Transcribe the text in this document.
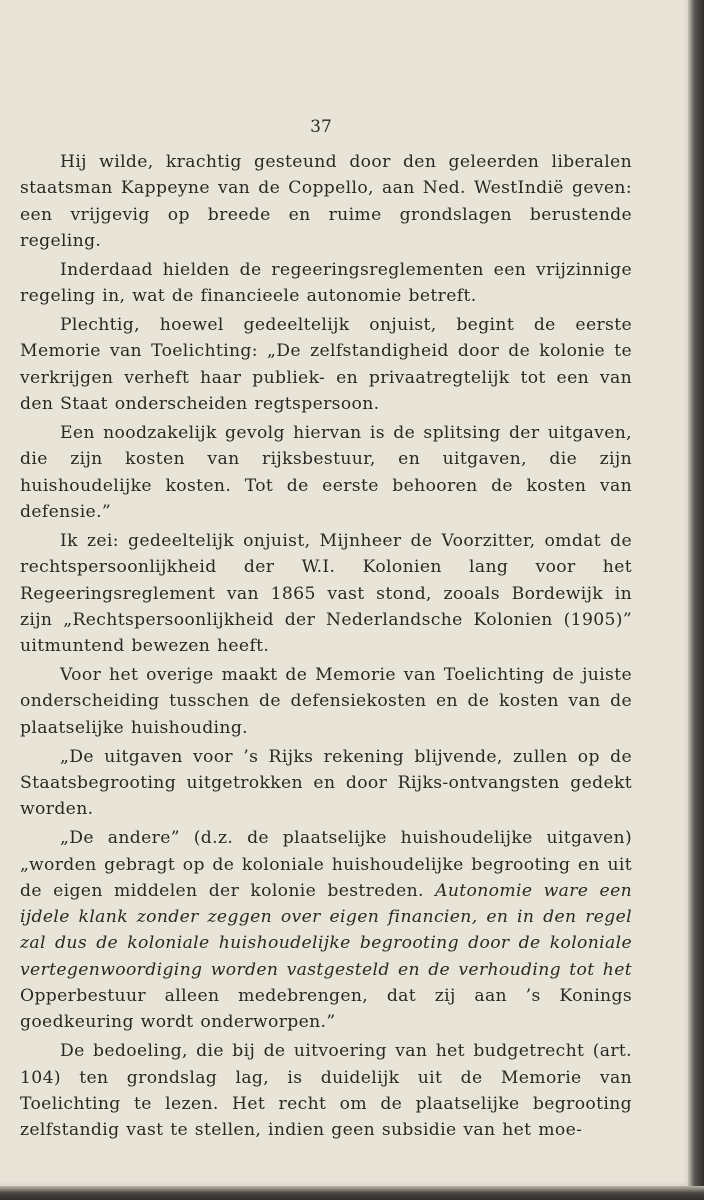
37

Hij wilde, krachtig gesteund door den geleerden liberalen staatsman Kappeyne van de Coppello, aan Ned. WestIndië geven: een vrijgevig op breede en ruime grondslagen berustende regeling.

Inderdaad hielden de regeeringsreglementen een vrijzinnige regeling in, wat de financieele autonomie betreft.

Plechtig, hoewel gedeeltelijk onjuist, begint de eerste Memorie van Toelichting: „De zelfstandigheid door de kolonie te verkrijgen verheft haar publiek- en privaatregtelijk tot een van den Staat onderscheiden regtspersoon.

Een noodzakelijk gevolg hiervan is de splitsing der uitgaven, die zijn kosten van rijksbestuur, en uitgaven, die zijn huishoudelijke kosten. Tot de eerste behooren de kosten van defensie.”

Ik zei: gedeeltelijk onjuist, Mijnheer de Voorzitter, omdat de rechtspersoonlijkheid der W.I. Kolonien lang voor het Regeeringsreglement van 1865 vast stond, zooals Bordewijk in zijn „Rechtspersoonlijkheid der Nederlandsche Kolonien (1905)” uitmuntend bewezen heeft.

Voor het overige maakt de Memorie van Toelichting de juiste onderscheiding tusschen de defensiekosten en de kosten van de plaatselijke huishouding.

„De uitgaven voor ’s Rijks rekening blijvende, zullen op de Staatsbegrooting uitgetrokken en door Rijks-ontvangsten gedekt worden.

„De andere” (d.z. de plaatselijke huishoudelijke uitgaven) „worden gebragt op de koloniale huishoudelijke begrooting en uit de eigen middelen der kolonie bestreden. Autonomie ware een ijdele klank zonder zeggen over eigen financien, en in den regel zal dus de koloniale huishoudelijke begrooting door de koloniale vertegenwoordiging worden vastgesteld en de verhouding tot het Opperbestuur alleen medebrengen, dat zij aan ’s Konings goedkeuring wordt onderworpen.”

De bedoeling, die bij de uitvoering van het budgetrecht (art. 104) ten grondslag lag, is duidelijk uit de Memorie van Toelichting te lezen. Het recht om de plaatselijke begrooting zelfstandig vast te stellen, indien geen subsidie van het moe-
